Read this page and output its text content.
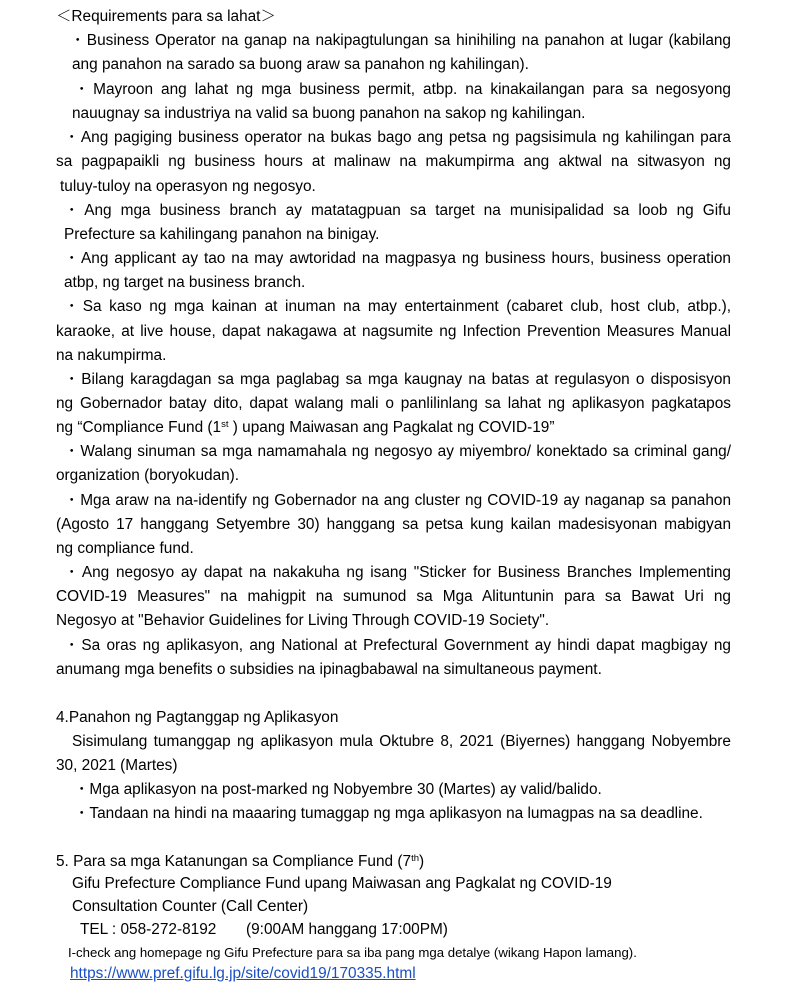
＜Requirements para sa lahat＞
・Business Operator na ganap na nakipagtulungan sa hinihiling na panahon at lugar (kabilang
ang panahon na sarado sa buong araw sa panahon ng kahilingan).
・Mayroon ang lahat ng mga business permit, atbp. na kinakailangan para sa negosyong
nauugnay sa industriya na valid sa buong panahon na sakop ng kahilingan.
・Ang pagiging business operator na bukas bago ang petsa ng pagsisimula ng kahilingan para
sa pagpapaikli ng business hours at malinaw na makumpirma ang aktwal na sitwasyon ng
tuluy-tuloy na operasyon ng negosyo.
・Ang mga business branch ay matatagpuan sa target na munisipalidad sa loob ng Gifu
Prefecture sa kahilingang panahon na binigay.
・Ang applicant ay tao na may awtoridad na magpasya ng business hours, business operation
atbp, ng target na business branch.
・Sa kaso ng mga kainan at inuman na may entertainment (cabaret club, host club, atbp.),
karaoke, at live house, dapat nakagawa at nagsumite ng Infection Prevention Measures Manual
na nakumpirma.
・Bilang karagdagan sa mga paglabag sa mga kaugnay na batas at regulasyon o disposisyon
ng Gobernador batay dito, dapat walang mali o panlilinlang sa lahat ng aplikasyon pagkatapos
ng “Compliance Fund (1st ) upang Maiwasan ang Pagkalat ng COVID-19”
・Walang sinuman sa mga namamahala ng negosyo ay miyembro/ konektado sa criminal gang/
organization (boryokudan).
・Mga araw na na-identify ng Gobernador na ang cluster ng COVID-19 ay naganap sa panahon
(Agosto 17 hanggang Setyembre 30) hanggang sa petsa kung kailan madesisyonan mabigyan
ng compliance fund.
・Ang negosyo ay dapat na nakakuha ng isang "Sticker for Business Branches Implementing
COVID-19 Measures" na mahigpit na sumunod sa Mga Alituntunin para sa Bawat Uri ng
Negosyo at "Behavior Guidelines for Living Through COVID-19 Society".
・Sa oras ng aplikasyon, ang National at Prefectural Government ay hindi dapat magbigay ng
anumang mga benefits o subsidies na ipinagbabawal na simultaneous payment.
4.Panahon ng Pagtanggap ng Aplikasyon
Sisimulang tumanggap ng aplikasyon mula Oktubre 8, 2021 (Biyernes) hanggang Nobyembre
30, 2021 (Martes)
・Mga aplikasyon na post-marked ng Nobyembre 30 (Martes) ay valid/balido.
・Tandaan na hindi na maaaring tumaggap ng mga aplikasyon na lumagpas na sa deadline.
5. Para sa mga Katanungan sa Compliance Fund (7th)
Gifu Prefecture Compliance Fund upang Maiwasan ang Pagkalat ng COVID-19
Consultation Counter (Call Center)
TEL : 058-272-8192 (9:00AM hanggang 17:00PM)
I-check ang homepage ng Gifu Prefecture para sa iba pang mga detalye (wikang Hapon lamang).
https://www.pref.gifu.lg.jp/site/covid19/170335.html
